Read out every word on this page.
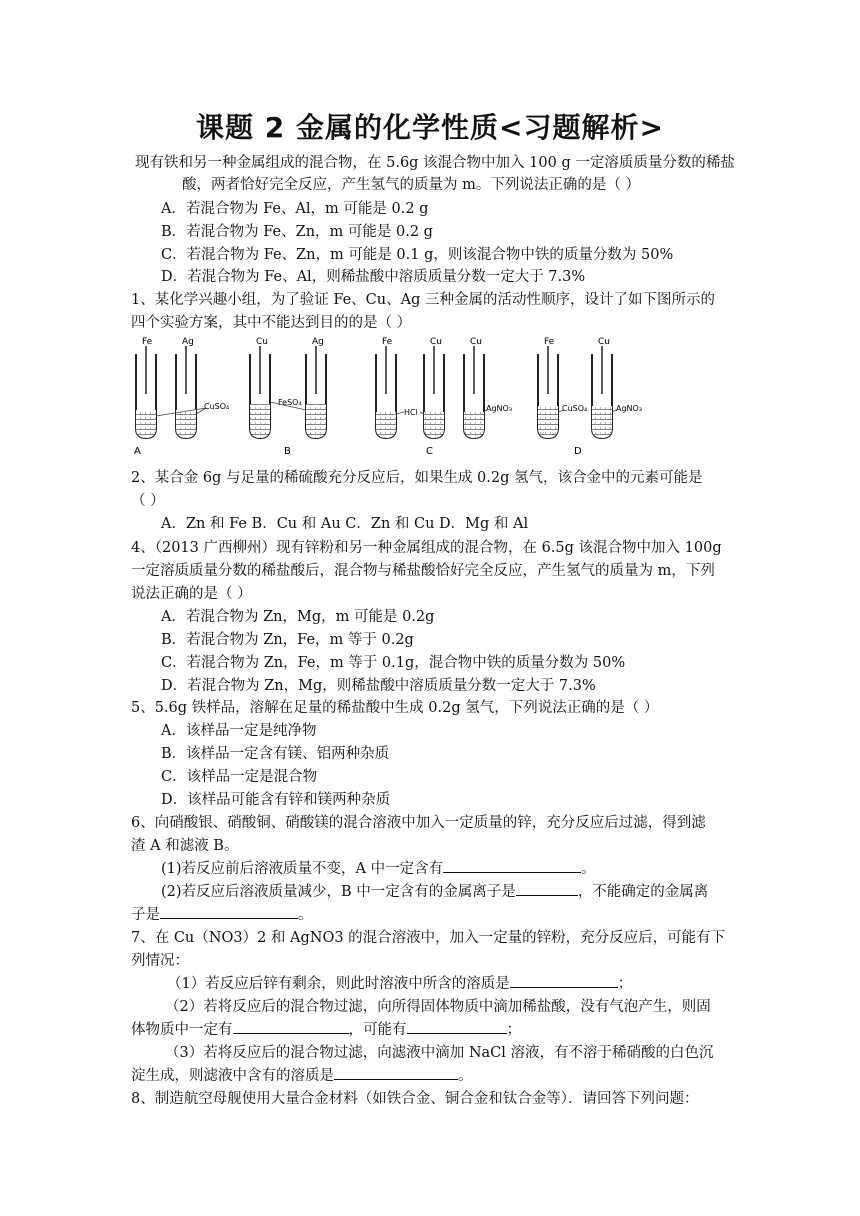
课题 2 金属的化学性质<习题解析>
现有铁和另一种金属组成的混合物，在 5.6g 该混合物中加入 100 g 一定溶质质量分数的稀盐
酸，两者恰好完全反应，产生氢气的质量为 m。下列说法正确的是（ ）
A．若混合物为 Fe、Al，m 可能是 0.2 g
B．若混合物为 Fe、Zn，m 可能是 0.2 g
C．若混合物为 Fe、Zn，m 可能是 0.1 g，则该混合物中铁的质量分数为 50%
D．若混合物为 Fe、Al，则稀盐酸中溶质质量分数一定大于 7.3%
1、某化学兴趣小组，为了验证 Fe、Cu、Ag 三种金属的活动性顺序，设计了如下图所示的
四个实验方案，其中不能达到目的的是（ ）
Fe	Ag	Cu	Ag	Fe	Cu	Cu	Fe	Cu
CuSO₄	FeSO₄
HCl	AgNO₃	CuSO₄	AgNO₃
A	B	C	D
2、某合金 6g 与足量的稀硫酸充分反应后，如果生成 0.2g 氢气，该合金中的元素可能是
（ ）
A．Zn 和 Fe B．Cu 和 Au C．Zn 和 Cu D．Mg 和 Al
4、（2013 广西柳州）现有锌粉和另一种金属组成的混合物，在 6.5g 该混合物中加入 100g
一定溶质质量分数的稀盐酸后，混合物与稀盐酸恰好完全反应，产生氢气的质量为 m，下列
说法正确的是（ ）
A．若混合物为 Zn，Mg，m 可能是 0.2g
B．若混合物为 Zn，Fe，m 等于 0.2g
C．若混合物为 Zn，Fe，m 等于 0.1g，混合物中铁的质量分数为 50%
D．若混合物为 Zn，Mg，则稀盐酸中溶质质量分数一定大于 7.3%
5、5.6g 铁样品，溶解在足量的稀盐酸中生成 0.2g 氢气，下列说法正确的是（ ）
A．该样品一定是纯净物
B．该样品一定含有镁、铝两种杂质
C．该样品一定是混合物
D．该样品可能含有锌和镁两种杂质
6、向硝酸银、硝酸铜、硝酸镁的混合溶液中加入一定质量的锌，充分反应后过滤，得到滤
渣 A 和滤液 B。
(1)若反应前后溶液质量不变，A 中一定含有	。
(2)若反应后溶液质量减少，B 中一定含有的金属离子是	，不能确定的金属离
子是	。
7、在 Cu（NO3）2 和 AgNO3 的混合溶液中，加入一定量的锌粉，充分反应后，可能有下
列情况：
（1）若反应后锌有剩余，则此时溶液中所含的溶质是	；
（2）若将反应后的混合物过滤，向所得固体物质中滴加稀盐酸，没有气泡产生，则固
体物质中一定有	，可能有	；
（3）若将反应后的混合物过滤，向滤液中滴加 NaCl 溶液，有不溶于稀硝酸的白色沉
淀生成，则滤液中含有的溶质是	。
8、制造航空母舰使用大量合金材料（如铁合金、铜合金和钛合金等）．请回答下列问题：
